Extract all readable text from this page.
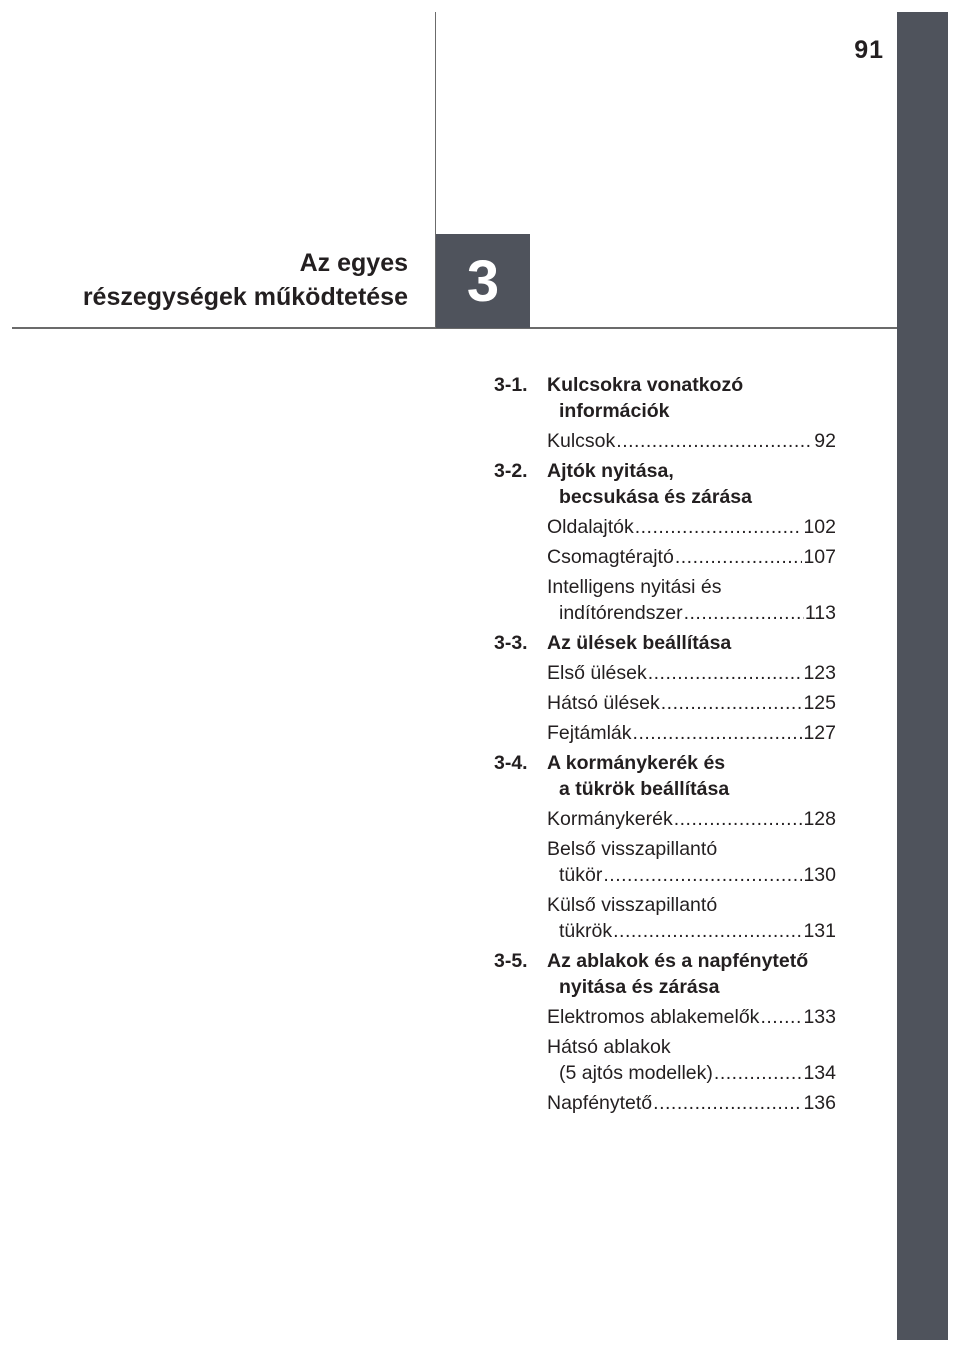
91
3
Az egyes
részegységek működtetése
3-1. Kulcsokra vonatkozó
információk
Kulcsok .....	92
3-2. Ajtók nyitása,
becsukása és zárása
Oldalajtók .....	102
Csomagtérajtó .....	107
Intelligens nyitási és
indítórendszer .....	113
3-3. Az ülések beállítása
Első ülések .....	123
Hátsó ülések .....	125
Fejtámlák .....	127
3-4. A kormánykerék és
a tükrök beállítása
Kormánykerék .....	128
Belső visszapillantó
tükör .....	130
Külső visszapillantó
tükrök .....	131
3-5. Az ablakok és a napfénytető
nyitása és zárása
Elektromos ablakemelők ..... 133
Hátsó ablakok
(5 ajtós modellek) .....	134
Napfénytető .....	136
